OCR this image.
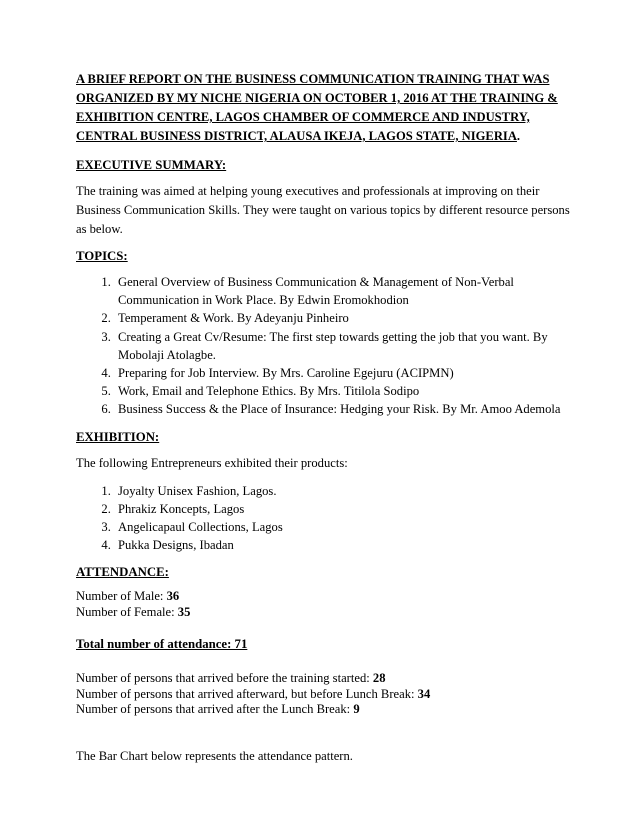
A BRIEF REPORT ON THE BUSINESS COMMUNICATION TRAINING THAT WAS ORGANIZED BY MY NICHE NIGERIA ON OCTOBER 1, 2016 AT THE TRAINING & EXHIBITION CENTRE, LAGOS CHAMBER OF COMMERCE AND INDUSTRY, CENTRAL BUSINESS DISTRICT, ALAUSA IKEJA, LAGOS STATE, NIGERIA.

EXECUTIVE SUMMARY:

The training was aimed at helping young executives and professionals at improving on their Business Communication Skills. They were taught on various topics by different resource persons as below.

TOPICS:

1. General Overview of Business Communication & Management of Non-Verbal Communication in Work Place. By Edwin Eromokhodion
2. Temperament & Work. By Adeyanju Pinheiro
3. Creating a Great Cv/Resume: The first step towards getting the job that you want. By Mobolaji Atolagbe.
4. Preparing for Job Interview. By Mrs. Caroline Egejuru (ACIPMN)
5. Work, Email and Telephone Ethics. By Mrs. Titilola Sodipo
6. Business Success & the Place of Insurance: Hedging your Risk. By Mr. Amoo Ademola

EXHIBITION:

The following Entrepreneurs exhibited their products:

1. Joyalty Unisex Fashion, Lagos.
2. Phrakiz Koncepts, Lagos
3. Angelicapaul Collections, Lagos
4. Pukka Designs, Ibadan

ATTENDANCE:

Number of Male: 36
Number of Female: 35

Total number of attendance: 71

Number of persons that arrived before the training started: 28
Number of persons that arrived afterward, but before Lunch Break: 34
Number of persons that arrived after the Lunch Break: 9

The Bar Chart below represents the attendance pattern.
